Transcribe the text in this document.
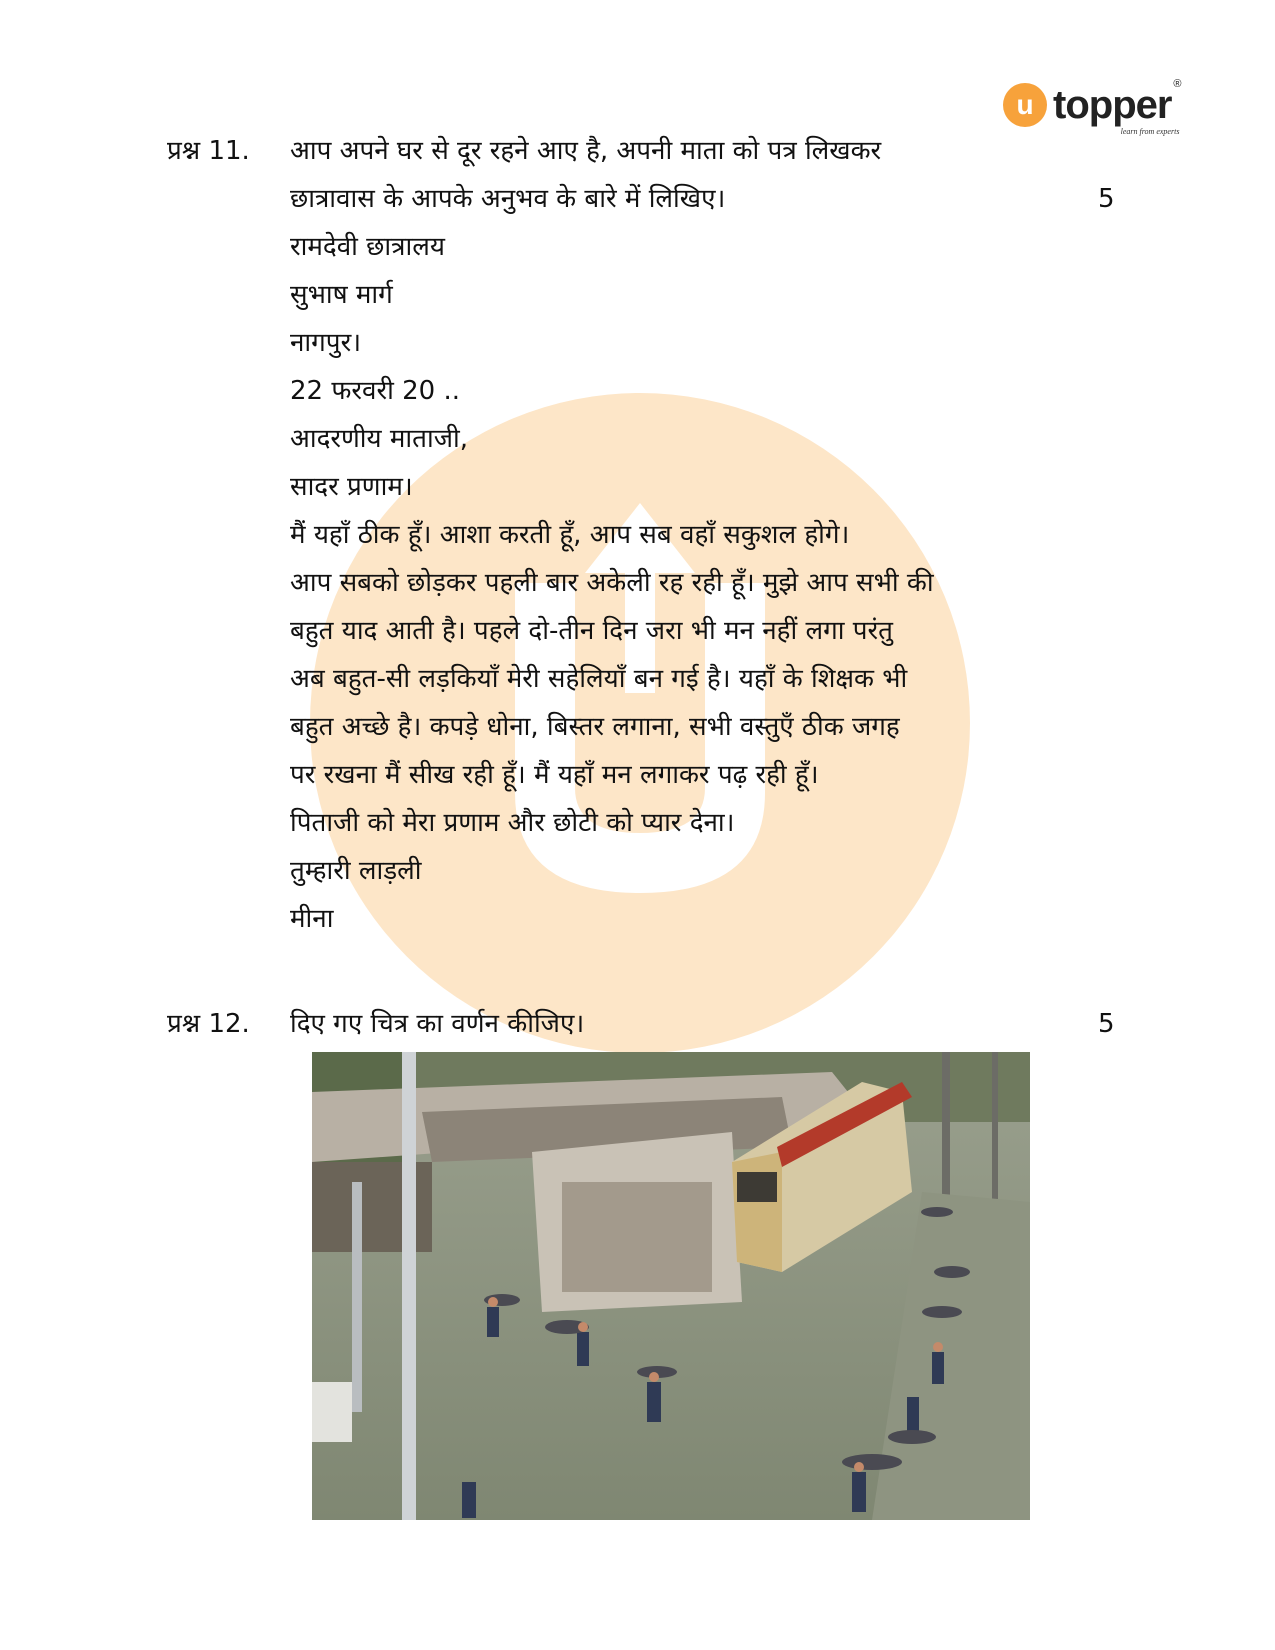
u topper ®
learn from experts
प्रश्न 11. आप अपने घर से दूर रहने आए है, अपनी माता को पत्र लिखकर
छात्रावास के आपके अनुभव के बारे में लिखिए।	5
रामदेवी छात्रालय
सुभाष मार्ग
नागपुर।
22 फरवरी 20 ..
आदरणीय माताजी,
सादर प्रणाम।
मैं यहाँ ठीक हूँ। आशा करती हूँ, आप सब वहाँ सकुशल होगे।
आप सबको छोड़कर पहली बार अकेली रह रही हूँ। मुझे आप सभी की
बहुत याद आती है। पहले दो-तीन दिन जरा भी मन नहीं लगा परंतु
अब बहुत-सी लड़कियाँ मेरी सहेलियाँ बन गई है। यहाँ के शिक्षक भी
बहुत अच्छे है। कपड़े धोना, बिस्तर लगाना, सभी वस्तुएँ ठीक जगह
पर रखना मैं सीख रही हूँ। मैं यहाँ मन लगाकर पढ़ रही हूँ।
पिताजी को मेरा प्रणाम और छोटी को प्यार देना।
तुम्हारी लाड़ली
मीना
प्रश्न 12. दिए गए चित्र का वर्णन कीजिए।	5
